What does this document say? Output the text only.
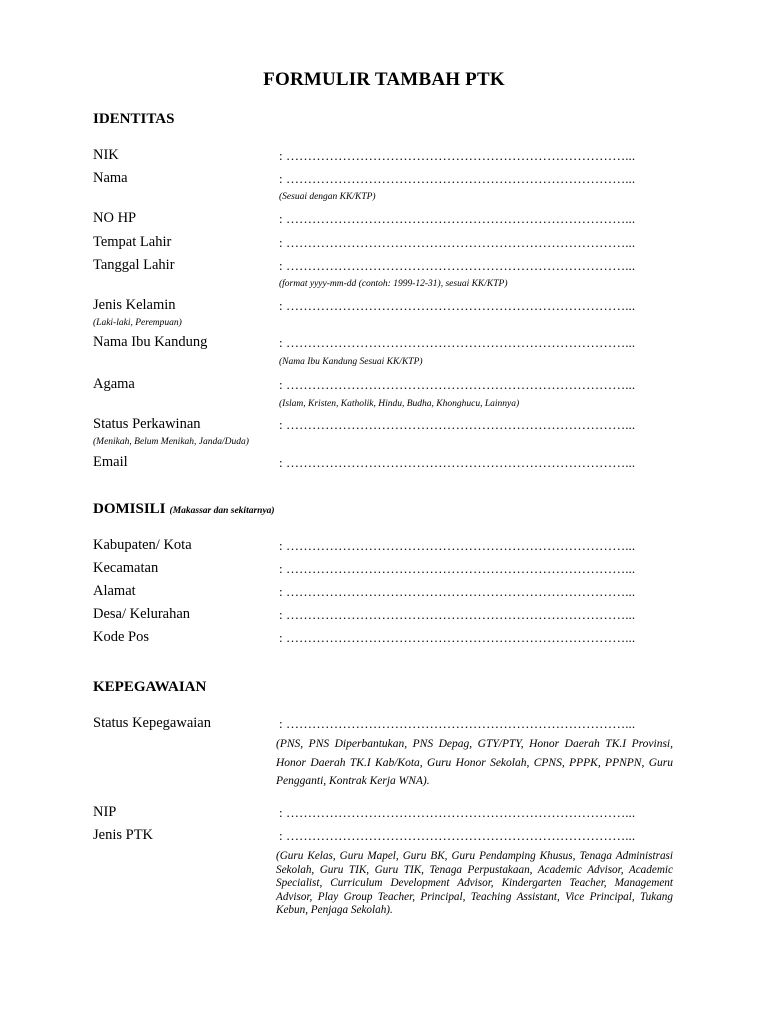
FORMULIR TAMBAH PTK
IDENTITAS
NIK	: ……………………………………………………………………...
Nama	: ……………………………………………………………………...
(Sesuai dengan KK/KTP)
NO HP	: ……………………………………………………………………...
Tempat Lahir	: ……………………………………………………………………...
Tanggal Lahir	: ……………………………………………………………………...
(format yyyy-mm-dd (contoh: 1999-12-31), sesuai KK/KTP)
Jenis Kelamin	: ……………………………………………………………………...
(Laki-laki, Perempuan)
Nama Ibu Kandung	: ……………………………………………………………………...
(Nama Ibu Kandung Sesuai KK/KTP)
Agama	: ……………………………………………………………………...
(Islam, Kristen, Katholik, Hindu, Budha, Khonghucu, Lainnya)
Status Perkawinan	: ……………………………………………………………………...
(Menikah, Belum Menikah, Janda/Duda)
Email	: ……………………………………………………………………...
DOMISILI (Makassar dan sekitarnya)
Kabupaten/ Kota	: ……………………………………………………………………...
Kecamatan	: ……………………………………………………………………...
Alamat	: ……………………………………………………………………...
Desa/ Kelurahan	: ……………………………………………………………………...
Kode Pos	: ……………………………………………………………………...
KEPEGAWAIAN
Status Kepegawaian	: ……………………………………………………………………...
(PNS, PNS Diperbantukan, PNS Depag, GTY/PTY, Honor Daerah TK.I Provinsi, Honor Daerah TK.I Kab/Kota, Guru Honor Sekolah, CPNS, PPPK, PPNPN, Guru Pengganti, Kontrak Kerja WNA).
NIP	: ……………………………………………………………………...
Jenis PTK	: ……………………………………………………………………...
(Guru Kelas, Guru Mapel, Guru BK, Guru Pendamping Khusus, Tenaga Administrasi Sekolah, Guru TIK, Guru TIK, Tenaga Perpustakaan, Academic Advisor, Academic Specialist, Curriculum Development Advisor, Kindergarten Teacher, Management Advisor, Play Group Teacher, Principal, Teaching Assistant, Vice Principal, Tukang Kebun, Penjaga Sekolah).
